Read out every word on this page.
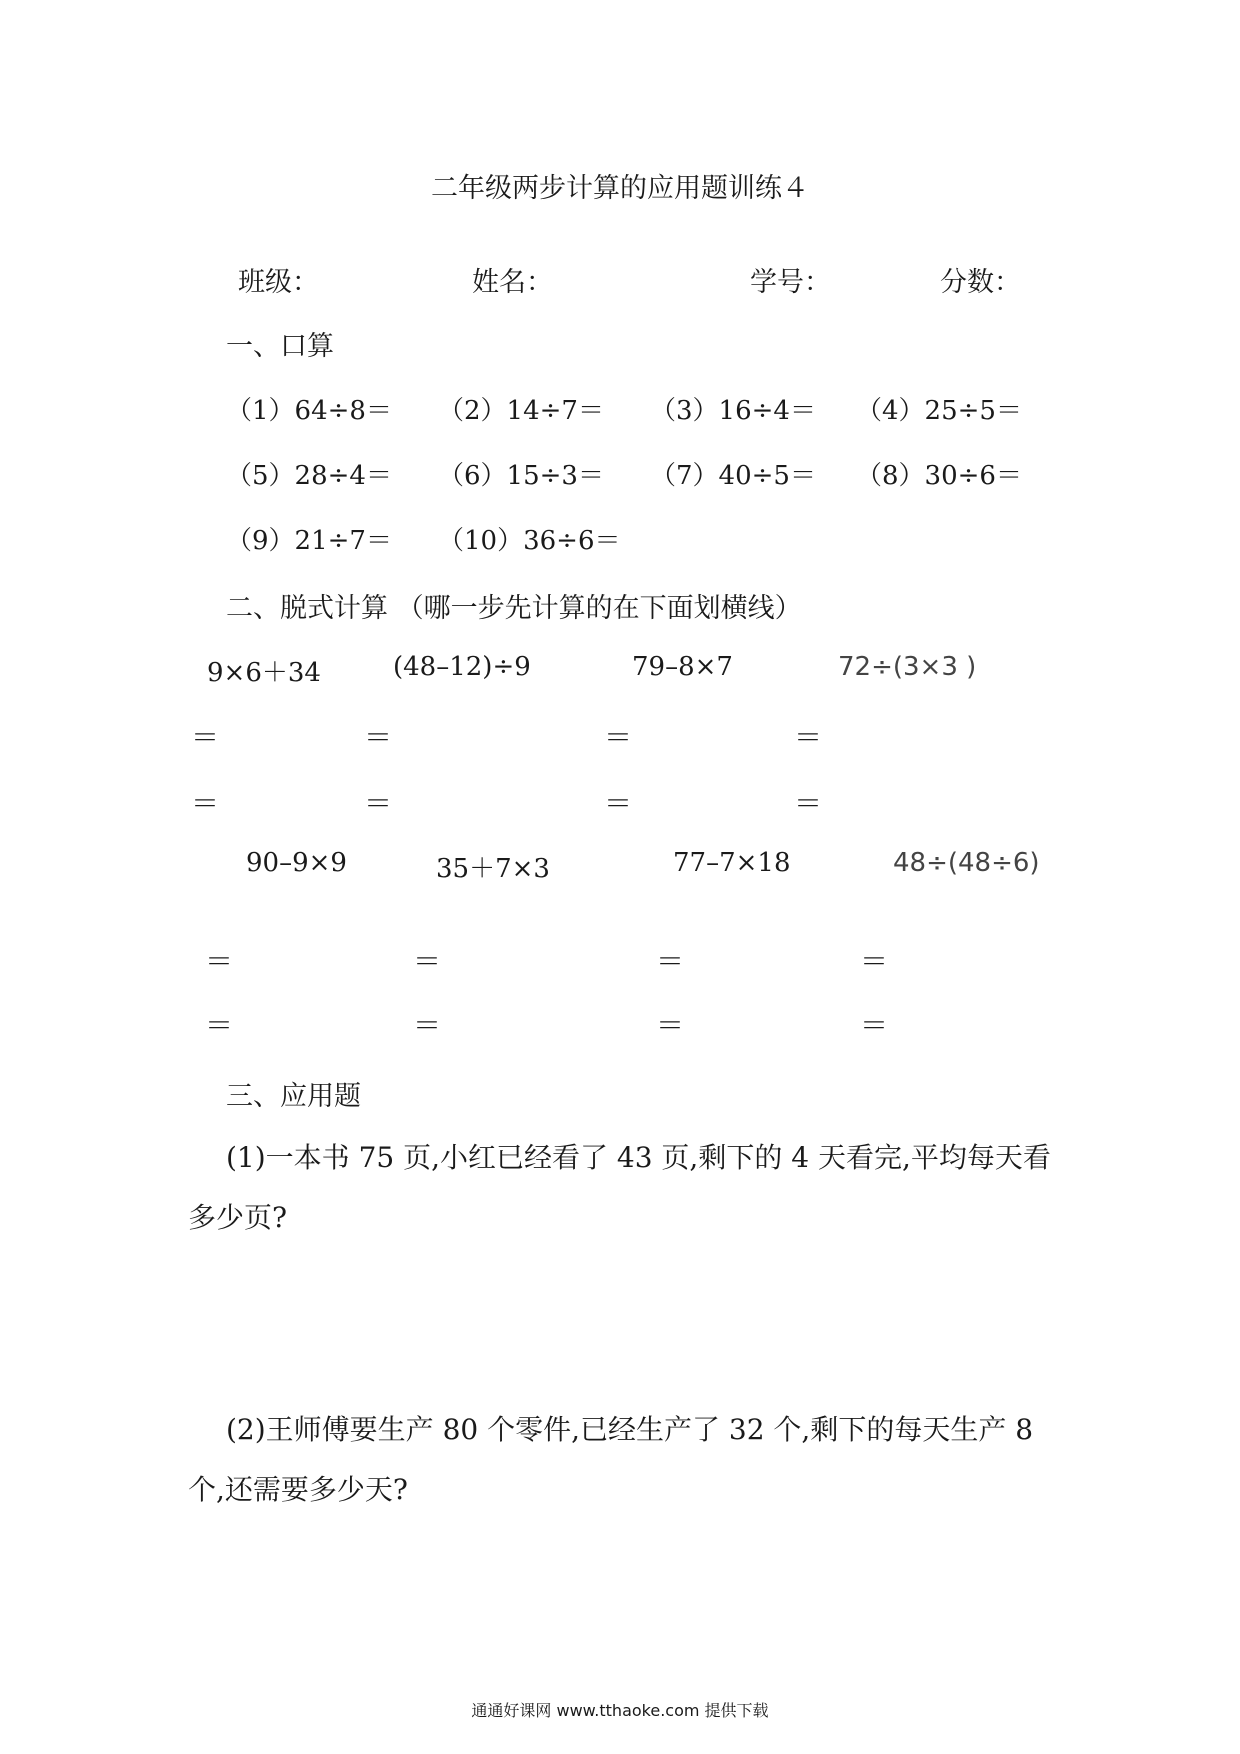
二年级两步计算的应用题训练４
班级：	姓名：	学号：	分数：
一、口算
（1）64÷8＝ （2）14÷7＝ （3）16÷4＝ （4）25÷5＝
（5）28÷4＝ （6）15÷3＝ （7）40÷5＝ （8）30÷6＝
（9）21÷7＝ （10）36÷6＝
二、脱式计算 （哪一步先计算的在下面划横线）
9×6＋34	(48–12)÷9	79–8×7	72÷(3×3 )
＝	＝	＝	＝
＝	＝	＝	＝
90–9×9	35＋7×3	77–7×18	48÷(48÷6)
＝	＝	＝	＝
＝	＝	＝	＝
三、应用题
(1)一本书 75 页,小红已经看了 43 页,剩下的 4 天看完,平均每天看多少页?
(2)王师傅要生产 80 个零件,已经生产了 32 个,剩下的每天生产 8 个,还需要多少天?
通通好课网 www.tthaoke.com 提供下载
